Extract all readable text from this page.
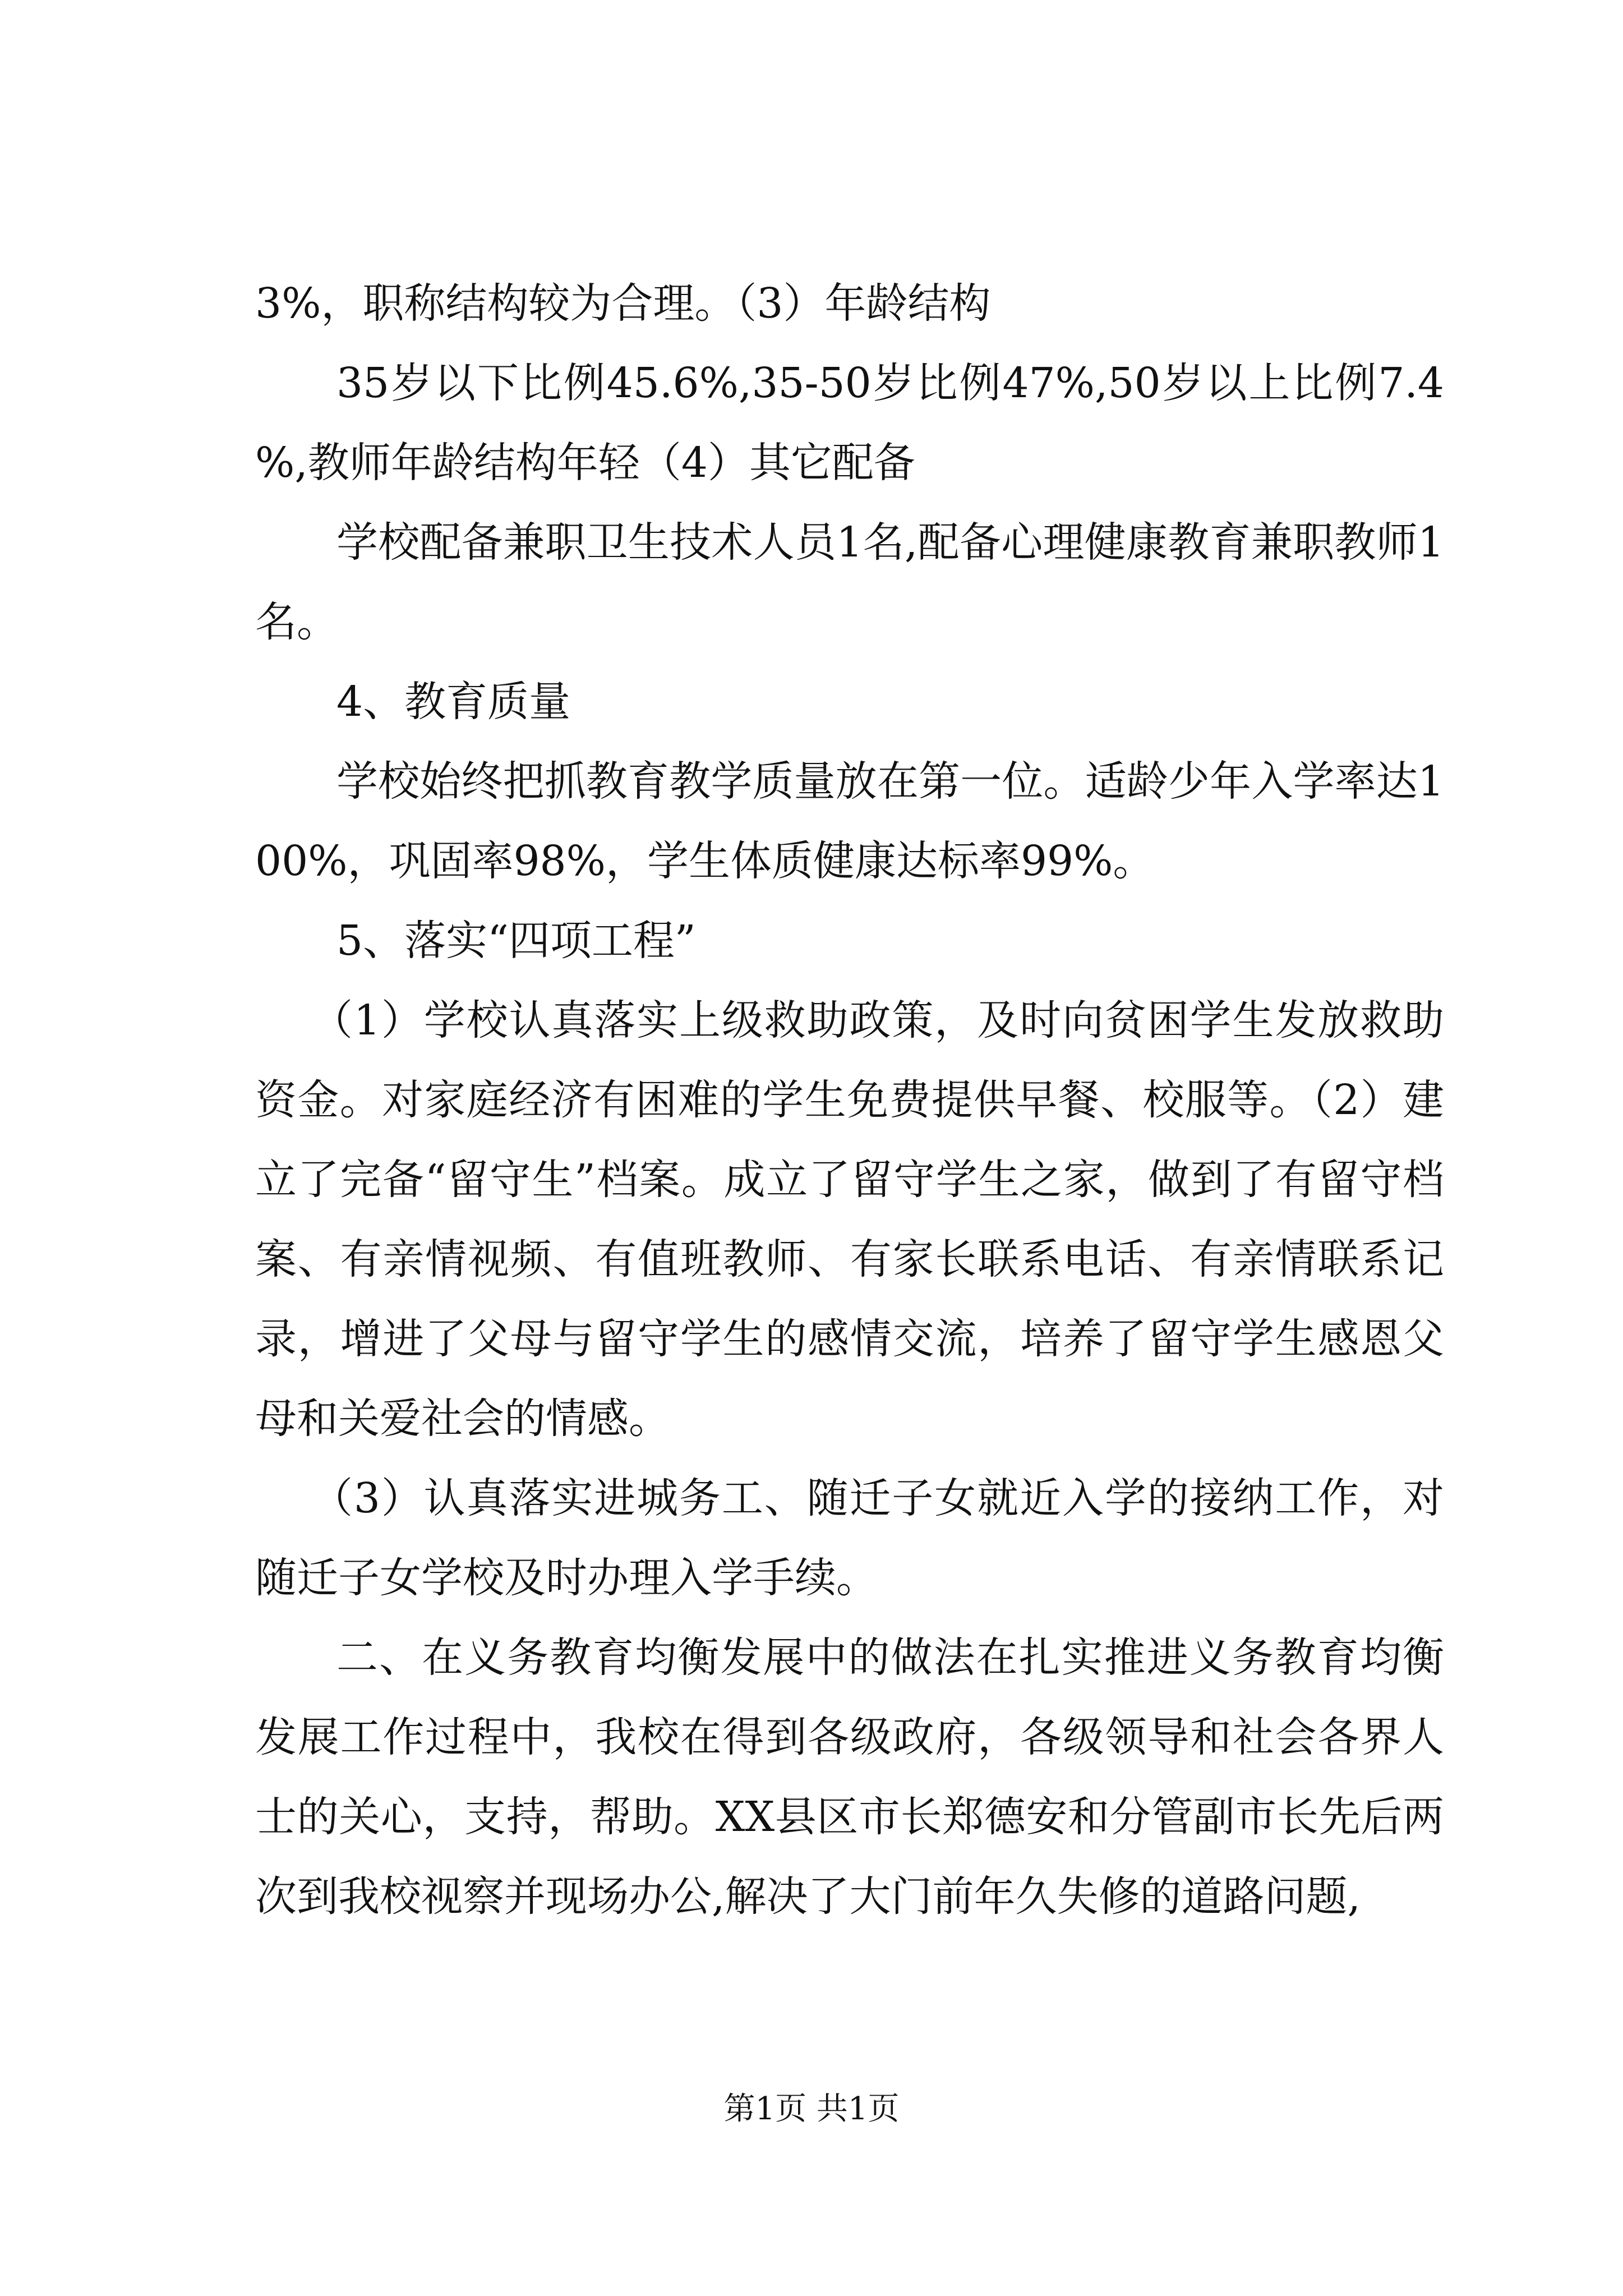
3%，职称结构较为合理。（3）年龄结构

35岁以下比例45.6%,35-50岁比例47%,50岁以上比例7.4%,教师年龄结构年轻（4）其它配备

学校配备兼职卫生技术人员1名,配备心理健康教育兼职教师1名。

4、教育质量

学校始终把抓教育教学质量放在第一位。适龄少年入学率达100%，巩固率98%，学生体质健康达标率99%。

5、落实“四项工程”

（1）学校认真落实上级救助政策，及时向贫困学生发放救助资金。对家庭经济有困难的学生免费提供早餐、校服等。（2）建立了完备“留守生”档案。成立了留守学生之家，做到了有留守档案、有亲情视频、有值班教师、有家长联系电话、有亲情联系记录，增进了父母与留守学生的感情交流，培养了留守学生感恩父母和关爱社会的情感。

（3）认真落实进城务工、随迁子女就近入学的接纳工作，对随迁子女学校及时办理入学手续。

二、在义务教育均衡发展中的做法在扎实推进义务教育均衡发展工作过程中，我校在得到各级政府，各级领导和社会各界人士的关心，支持，帮助。XX县区市长郑德安和分管副市长先后两次到我校视察并现场办公,解决了大门前年久失修的道路问题,

第1页 共1页
